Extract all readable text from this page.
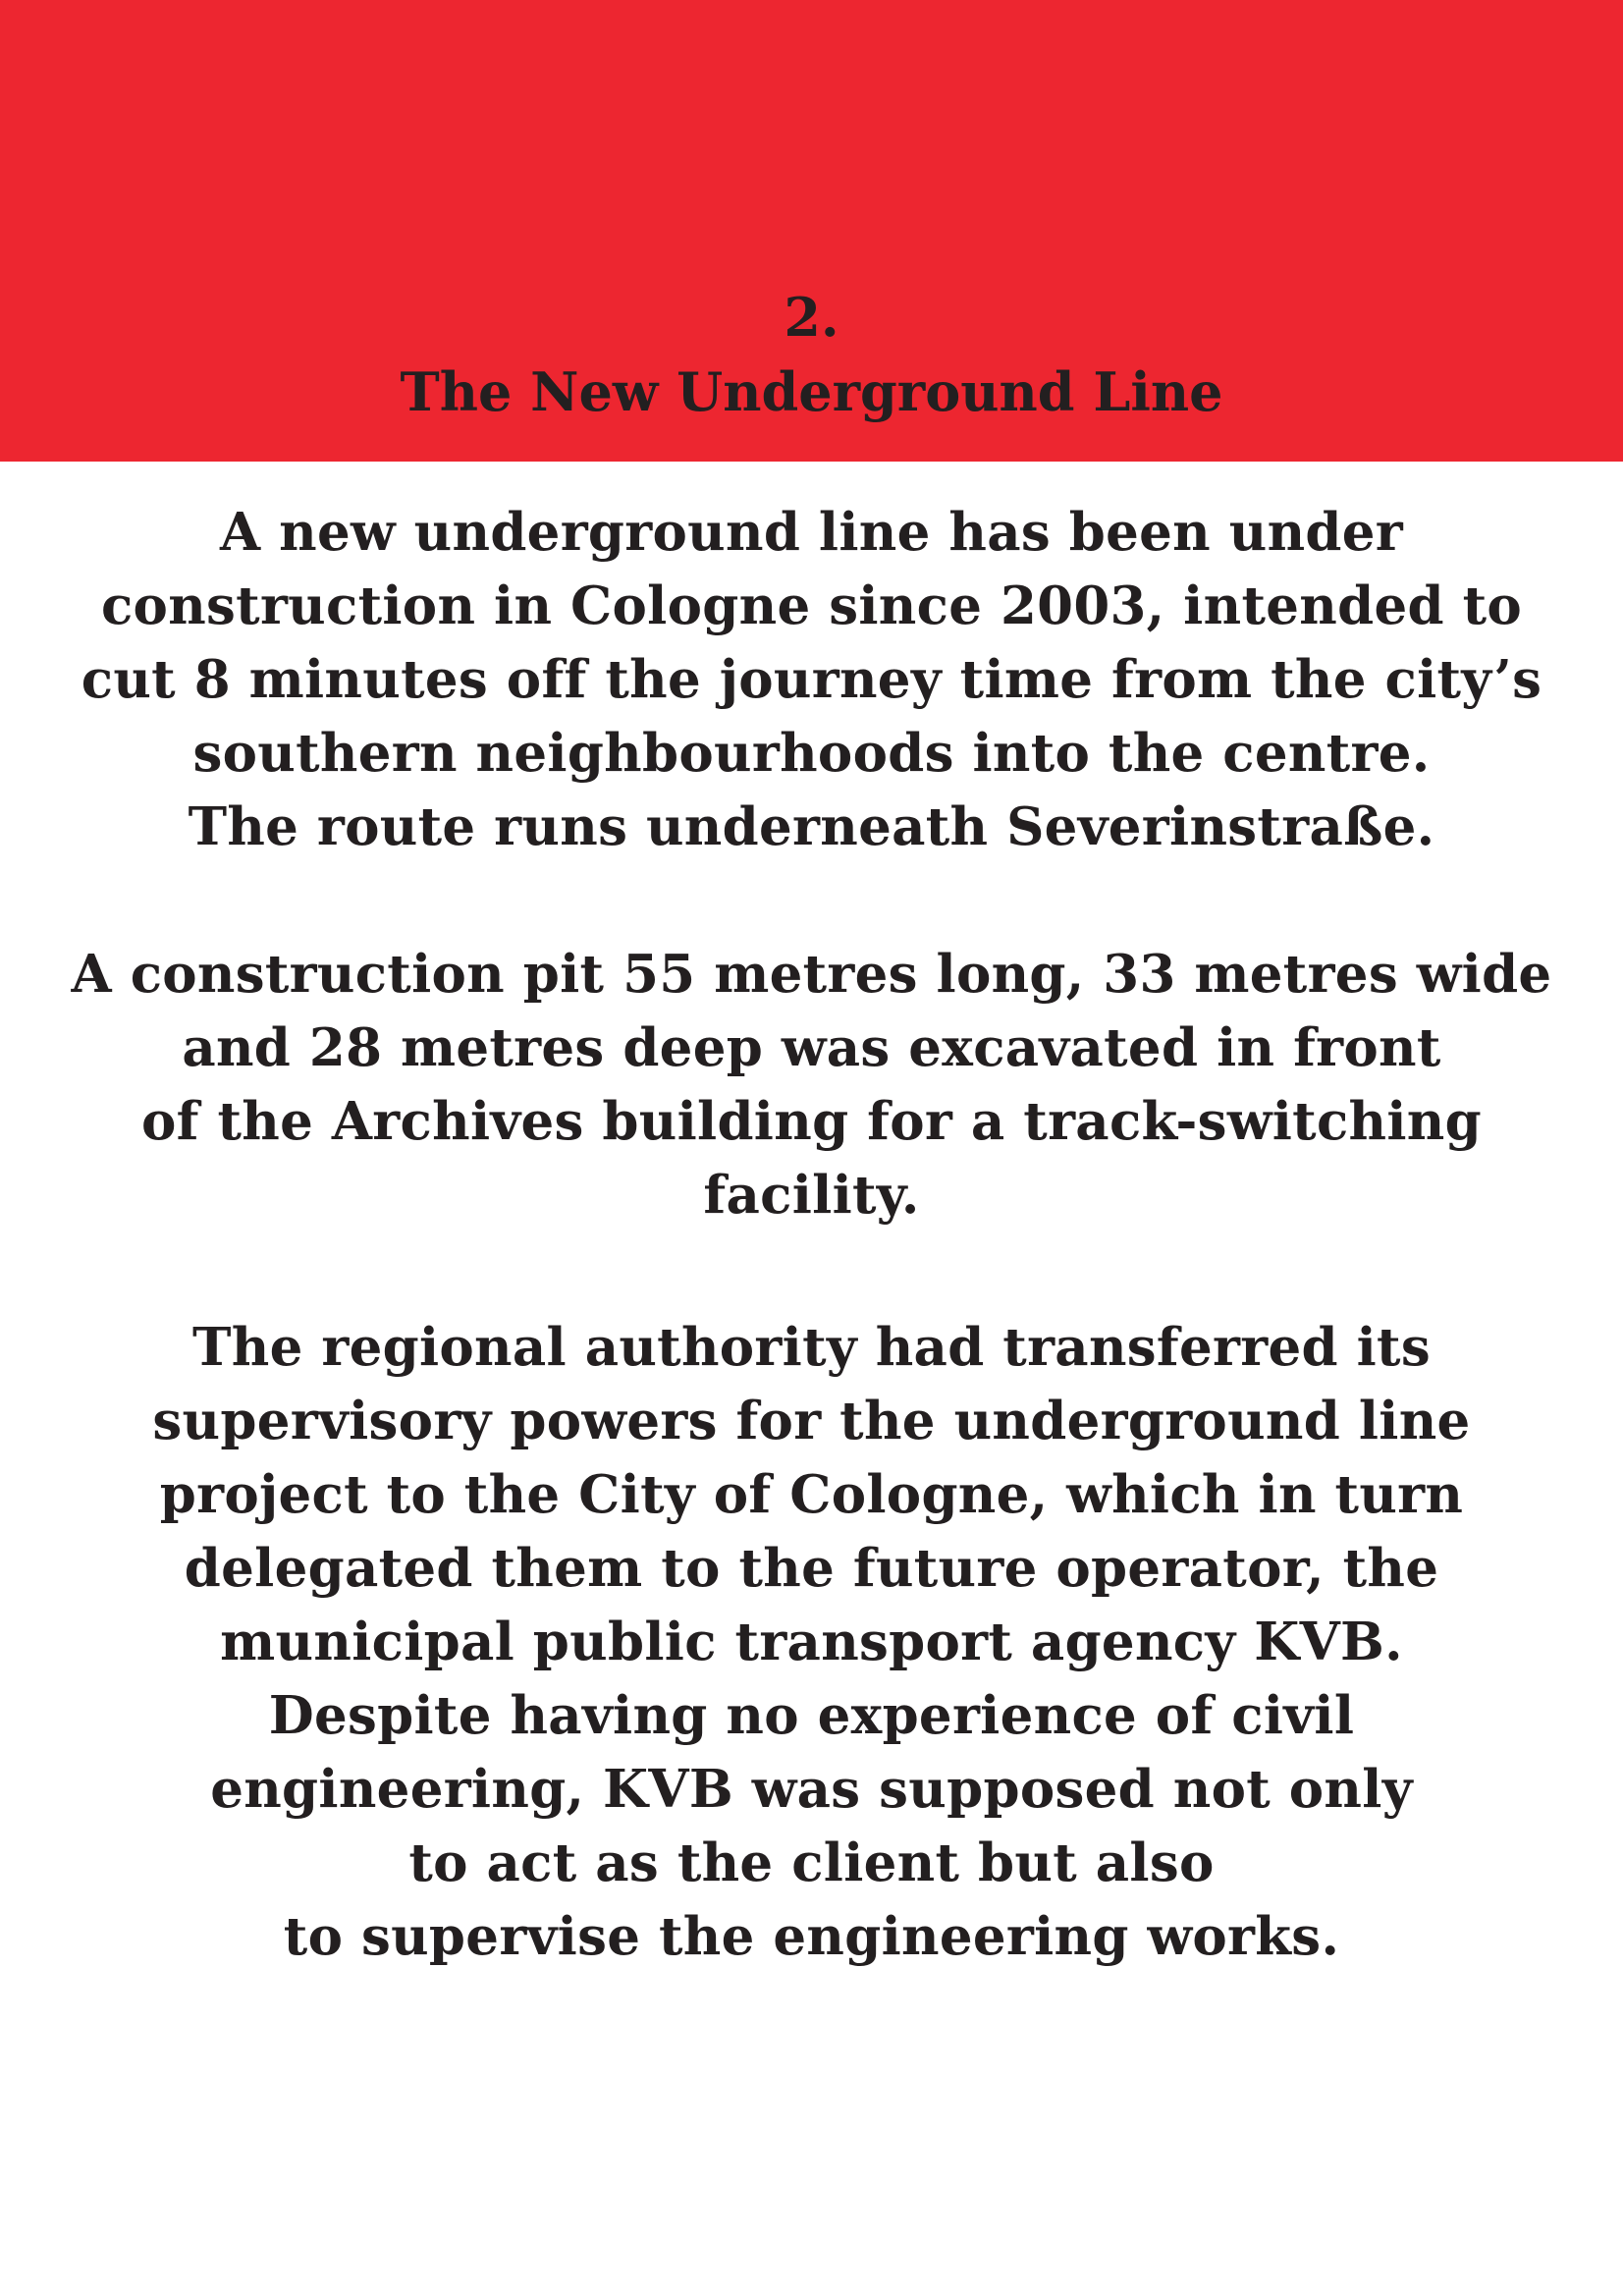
2.
The New Underground Line
A new underground line has been under
construction in Cologne since 2003, intended to
cut 8 minutes off the journey time from the city’s
southern neighbourhoods into the centre.
The route runs underneath Severinstraße.
A construction pit 55 metres long, 33 metres wide
and 28 metres deep was excavated in front
of the Archives building for a track-switching
facility.
The regional authority had transferred its
supervisory powers for the underground line
project to the City of Cologne, which in turn
delegated them to the future operator, the
municipal public transport agency KVB.
Despite having no experience of civil
engineering, KVB was supposed not only
to act as the client but also
to supervise the engineering works.
